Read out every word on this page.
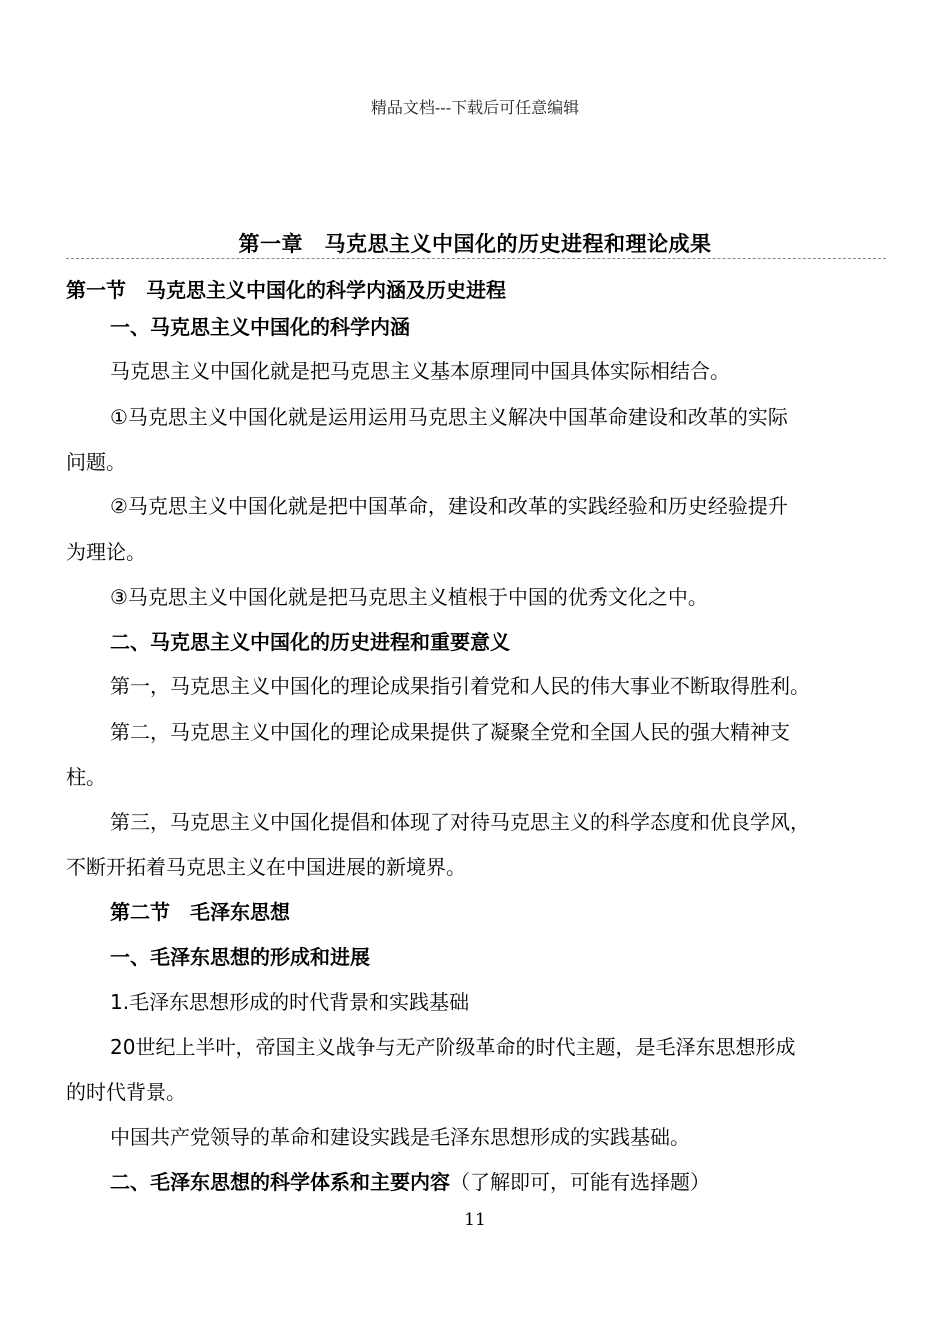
精品文档---下载后可任意编辑
第一章　马克思主义中国化的历史进程和理论成果
第一节　马克思主义中国化的科学内涵及历史进程
一、马克思主义中国化的科学内涵
马克思主义中国化就是把马克思主义基本原理同中国具体实际相结合。
①马克思主义中国化就是运用运用马克思主义解决中国革命建设和改革的实际
问题。
②马克思主义中国化就是把中国革命，建设和改革的实践经验和历史经验提升
为理论。
③马克思主义中国化就是把马克思主义植根于中国的优秀文化之中。
二、马克思主义中国化的历史进程和重要意义
第一，马克思主义中国化的理论成果指引着党和人民的伟大事业不断取得胜利。
第二，马克思主义中国化的理论成果提供了凝聚全党和全国人民的强大精神支
柱。
第三，马克思主义中国化提倡和体现了对待马克思主义的科学态度和优良学风，
不断开拓着马克思主义在中国进展的新境界。
第二节　毛泽东思想
一、毛泽东思想的形成和进展
1.毛泽东思想形成的时代背景和实践基础
20世纪上半叶，帝国主义战争与无产阶级革命的时代主题，是毛泽东思想形成
的时代背景。
中国共产党领导的革命和建设实践是毛泽东思想形成的实践基础。
二、毛泽东思想的科学体系和主要内容（了解即可，可能有选择题）
11
